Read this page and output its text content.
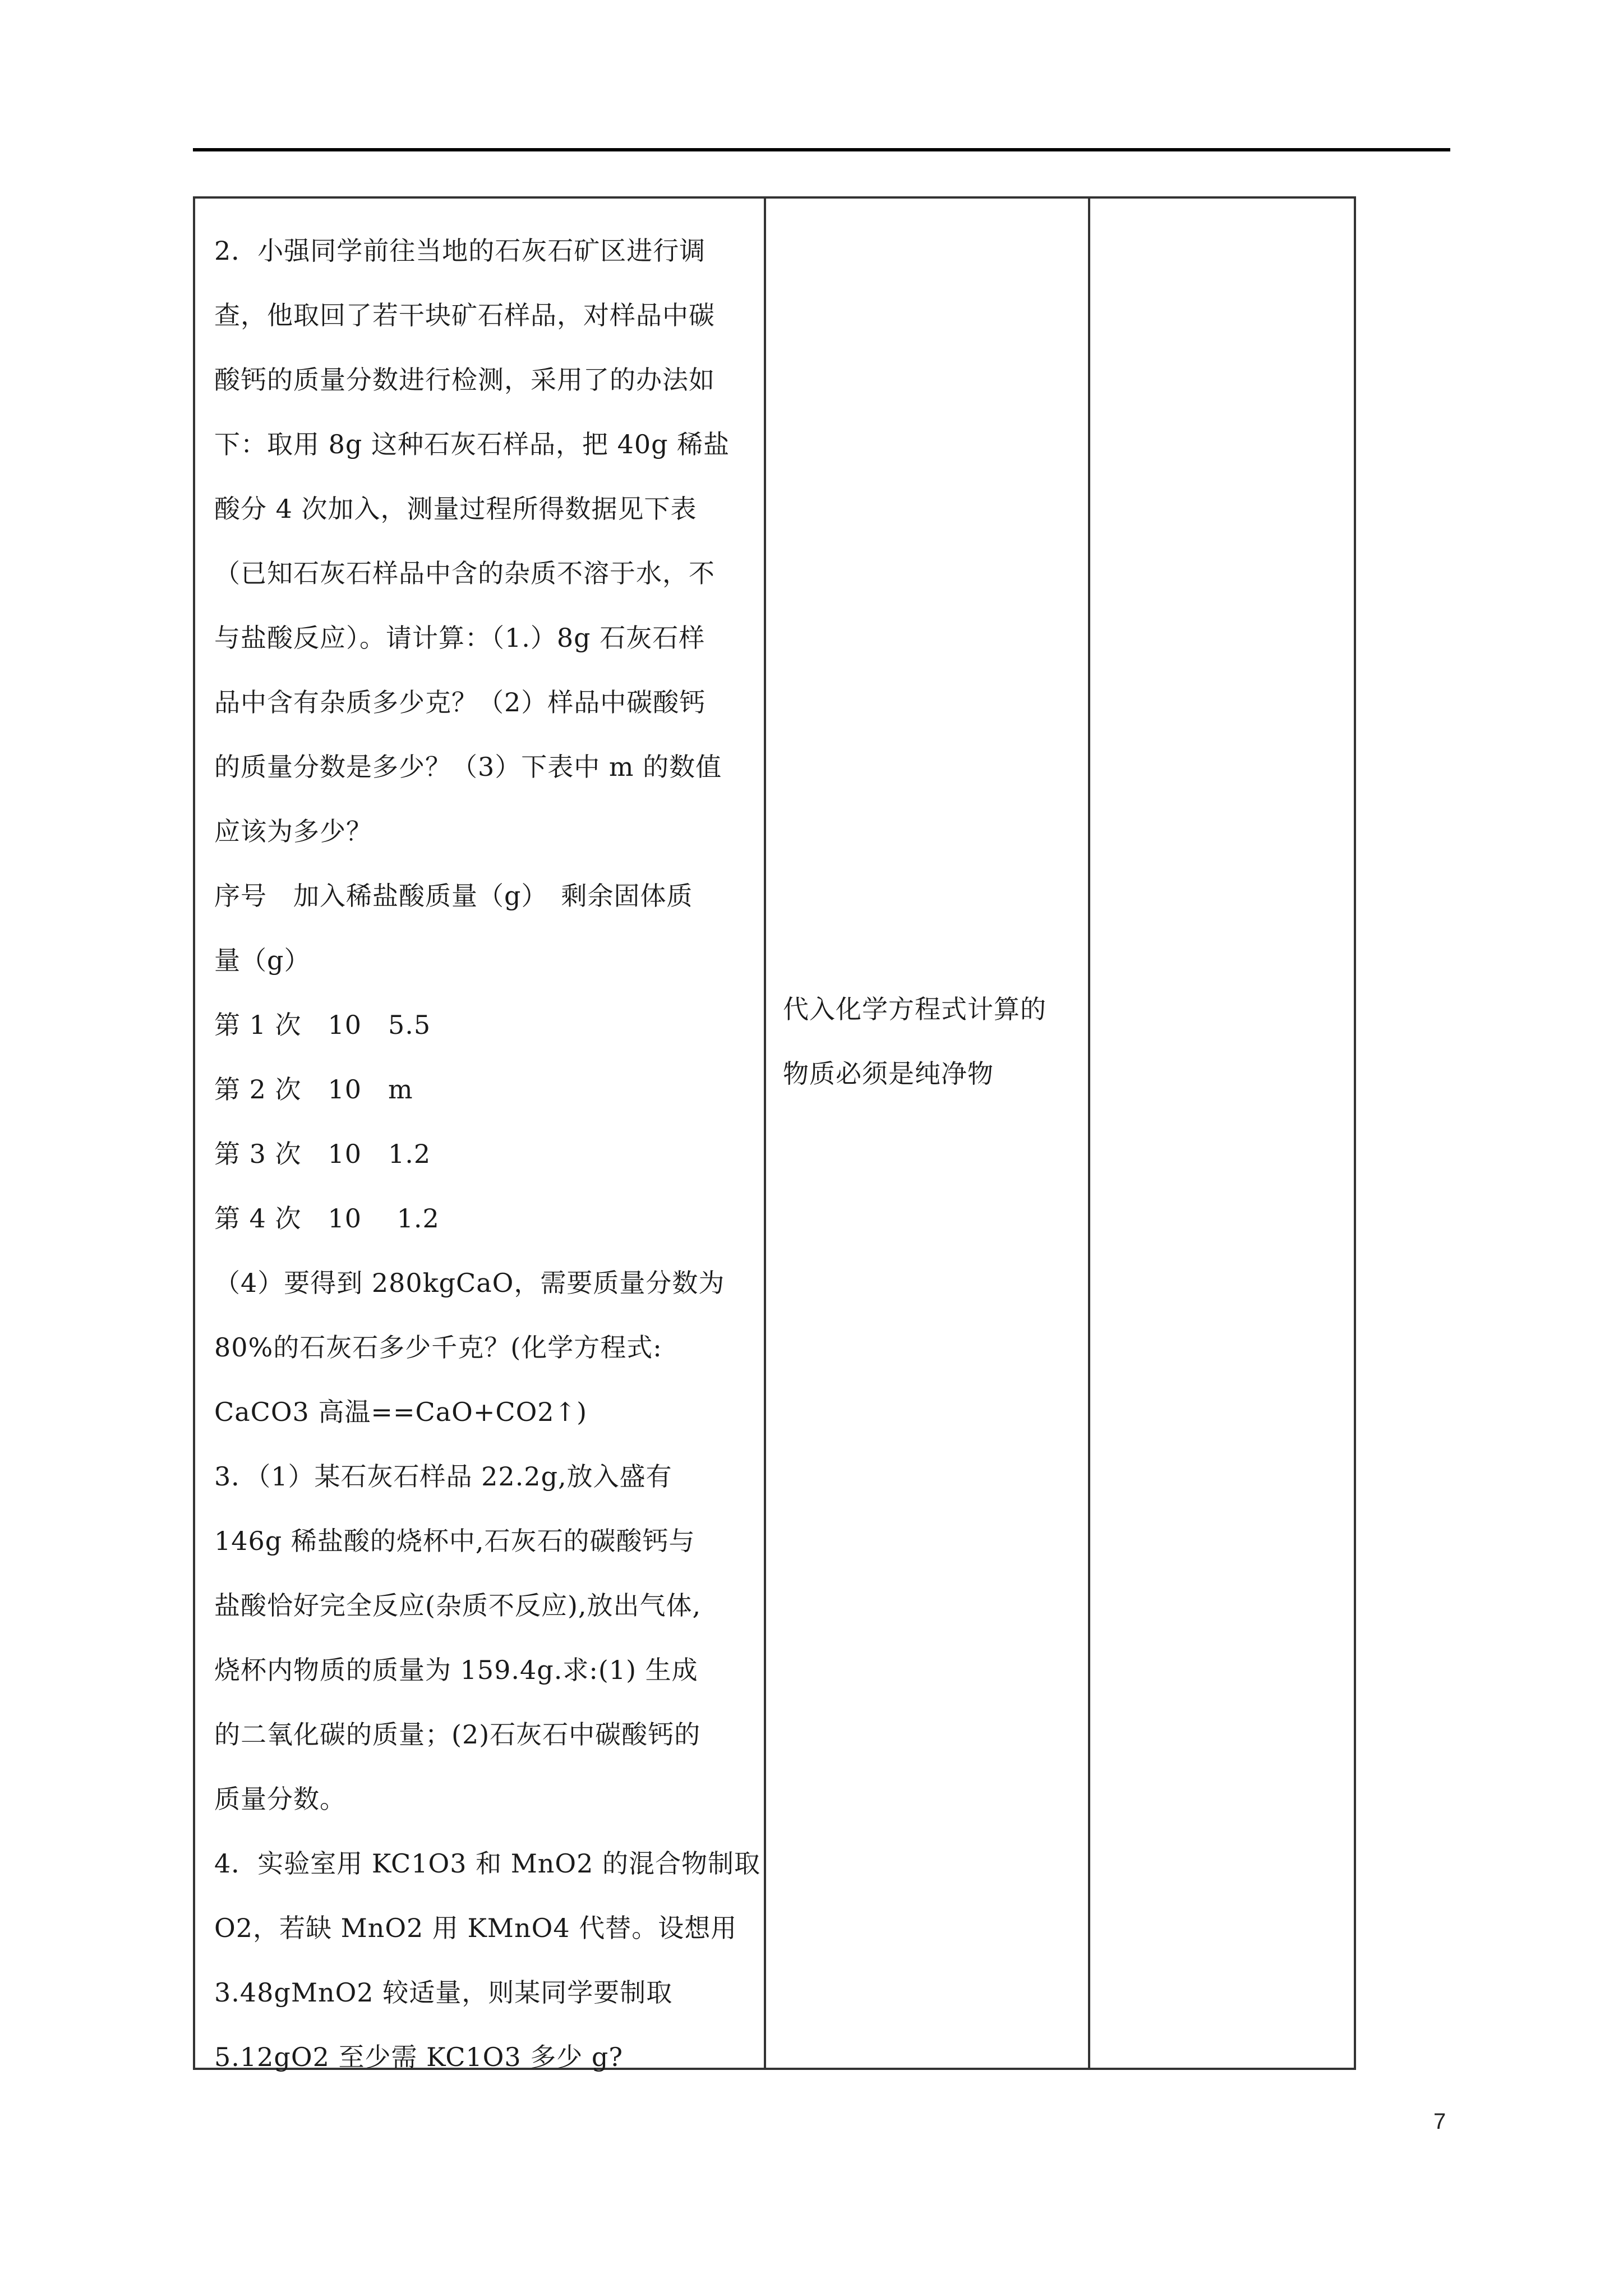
2．小强同学前往当地的石灰石矿区进行调
查，他取回了若干块矿石样品，对样品中碳
酸钙的质量分数进行检测，采用了的办法如
下：取用 8g 这种石灰石样品，把 40g 稀盐
酸分 4 次加入，测量过程所得数据见下表
（已知石灰石样品中含的杂质不溶于水，不
与盐酸反应）。请计算：（1.）8g 石灰石样
品中含有杂质多少克？（2）样品中碳酸钙
的质量分数是多少？（3）下表中 m 的数值
应该为多少？
序号　加入稀盐酸质量（g）　剩余固体质
量（g）
第 1 次　10　5.5
第 2 次　10　m
第 3 次　10　1.2
第 4 次　10　 1.2
（4）要得到 280kgCaO，需要质量分数为
80%的石灰石多少千克？(化学方程式:
CaCO3 高温==CaO+CO2↑)
3．（1）某石灰石样品 22.2g,放入盛有
146g 稀盐酸的烧杯中,石灰石的碳酸钙与
盐酸恰好完全反应(杂质不反应),放出气体,
烧杯内物质的质量为 159.4g.求:(1) 生成
的二氧化碳的质量；(2)石灰石中碳酸钙的
质量分数。
4．实验室用 KC1O3 和 MnO2 的混合物制取
O2，若缺 MnO2 用 KMnO4 代替。设想用
3.48gMnO2 较适量，则某同学要制取
5.12gO2 至少需 KC1O3 多少 g?
代入化学方程式计算的
物质必须是纯净物
7
